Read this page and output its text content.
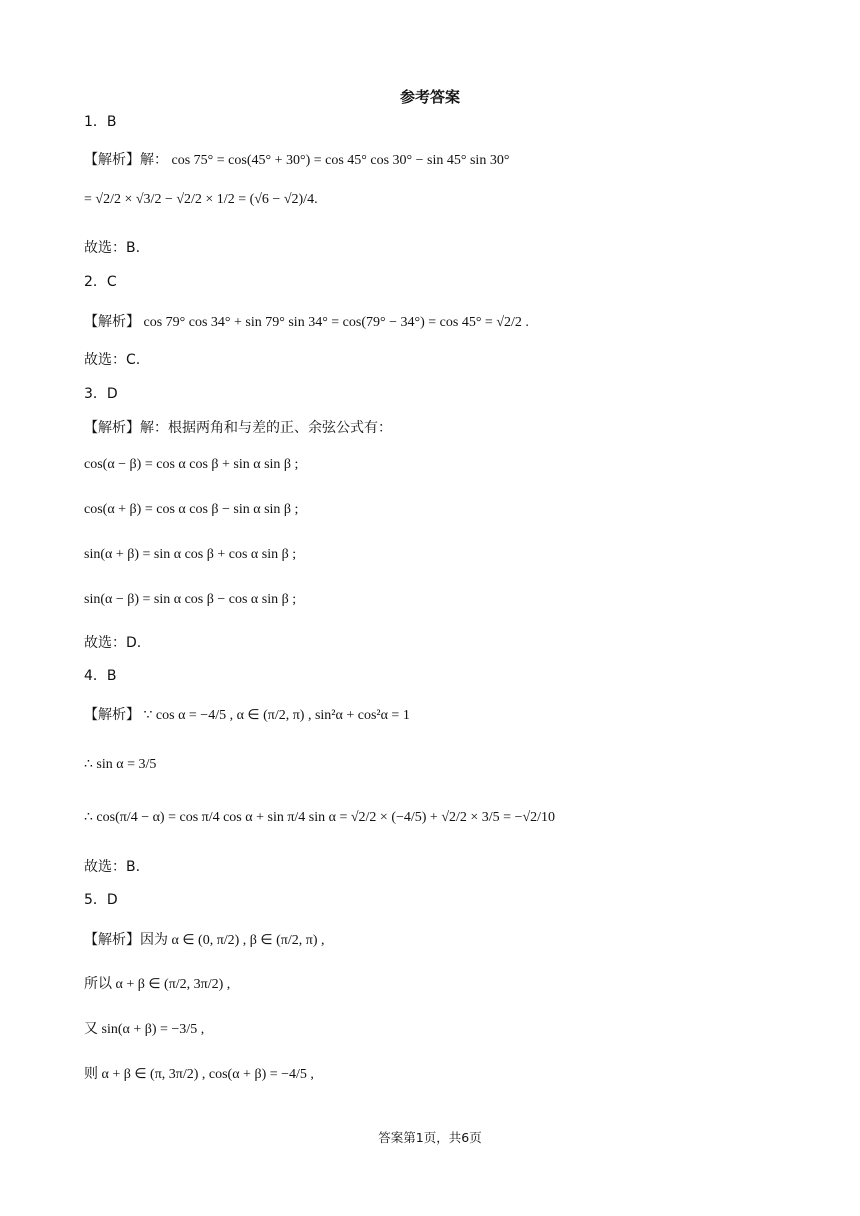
参考答案
1．B
【解析】解： cos 75° = cos(45° + 30°) = cos 45° cos 30° − sin 45° sin 30°
= √2/2 × √3/2 − √2/2 × 1/2 = (√6 − √2)/4.
故选：B.
2．C
【解析】 cos 79° cos 34° + sin 79° sin 34° = cos(79° − 34°) = cos 45° = √2/2 .
故选：C.
3．D
【解析】解：根据两角和与差的正、余弦公式有：
cos(α − β) = cos α cos β + sin α sin β ;
cos(α + β) = cos α cos β − sin α sin β ;
sin(α + β) = sin α cos β + cos α sin β ;
sin(α − β) = sin α cos β − cos α sin β ;
故选：D.
4．B
【解析】 ∵ cos α = −4/5 , α ∈ (π/2, π) , sin²α + cos²α = 1
∴ sin α = 3/5
∴ cos(π/4 − α) = cos π/4 cos α + sin π/4 sin α = √2/2 × (−4/5) + √2/2 × 3/5 = −√2/10
故选：B.
5．D
【解析】因为 α ∈ (0, π/2) , β ∈ (π/2, π) ,
所以 α + β ∈ (π/2, 3π/2) ,
又 sin(α + β) = −3/5 ,
则 α + β ∈ (π, 3π/2) , cos(α + β) = −4/5 ,
答案第1页，共6页
